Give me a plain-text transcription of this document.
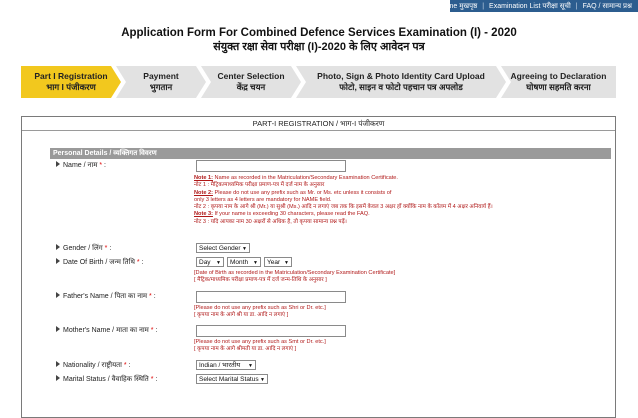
Home मुखपृष्ठ | Examination List परीक्षा सूची | FAQ / सामान्य प्रश्न
Application Form For Combined Defence Services Examination (I) - 2020
संयुक्त रक्षा सेवा परीक्षा (I)-2020 के लिए आवेदन पत्र
Part I Registration
भाग I पंजीकरण
Payment
भुगतान
Center Selection
केंद्र चयन
Photo, Sign & Photo Identity Card Upload
फोटो, साइन व फोटो पहचान पत्र अपलोड
Agreeing to Declaration
घोषणा सहमति करना
PART-I REGISTRATION / भाग-I पंजीकरण
Personal Details / व्यक्तिगत विवरण
Name / नाम * :
Note 1: Name as recorded in the Matriculation/Secondary Examination Certificate.
नोट 1 : मैट्रिक/माध्यमिक परीक्षा प्रमाण-पत्र में दर्ज नाम के अनुसार
Note 2: Please do not use any prefix such as Mr. or Ms. etc unless it consists of
only 3 letters as 4 letters are mandatory for NAME field.
नोट 2 : कृपया नाम के आगे श्री (Mr.) या सुश्री (Ms.) आदि न लगाएं जब तक कि इसमें केवल 3 अक्षर हों क्योंकि नाम के कॉलम में 4 अक्षर अनिवार्य हैं।
Note 3: If your name is exceeding 30 characters, please read the FAQ.
नोट 3 : यदि आपका नाम 30 अक्षरों से अधिक है, तो कृपया सामान्य प्रश्न पढ़ें।
Gender / लिंग * :	Select Gender ▼
Date Of Birth / जन्म तिथि * :	Day ▼	Month ▼	Year ▼
[Date of Birth as recorded in the Matriculation/Secondary Examination Certificate]
[ मैट्रिक/माध्यमिक परीक्षा प्रमाण-पत्र में दर्ज जन्म-तिथि के अनुसार ]
Father's Name / पिता का नाम * :
[Please do not use any prefix such as Shri or Dr. etc.]
[ कृपया नाम के आगे श्री या डा. आदि न लगाएं ]
Mother's Name / माता का नाम * :
[Please do not use any prefix such as Smt or Dr. etc.]
[ कृपया नाम के आगे श्रीमती या डा. आदि न लगाएं ]
Nationality / राष्ट्रीयता * :	Indian / भारतीय ▼
Marital Status / वैवाहिक स्थिति * :	Select Marital Status ▼
